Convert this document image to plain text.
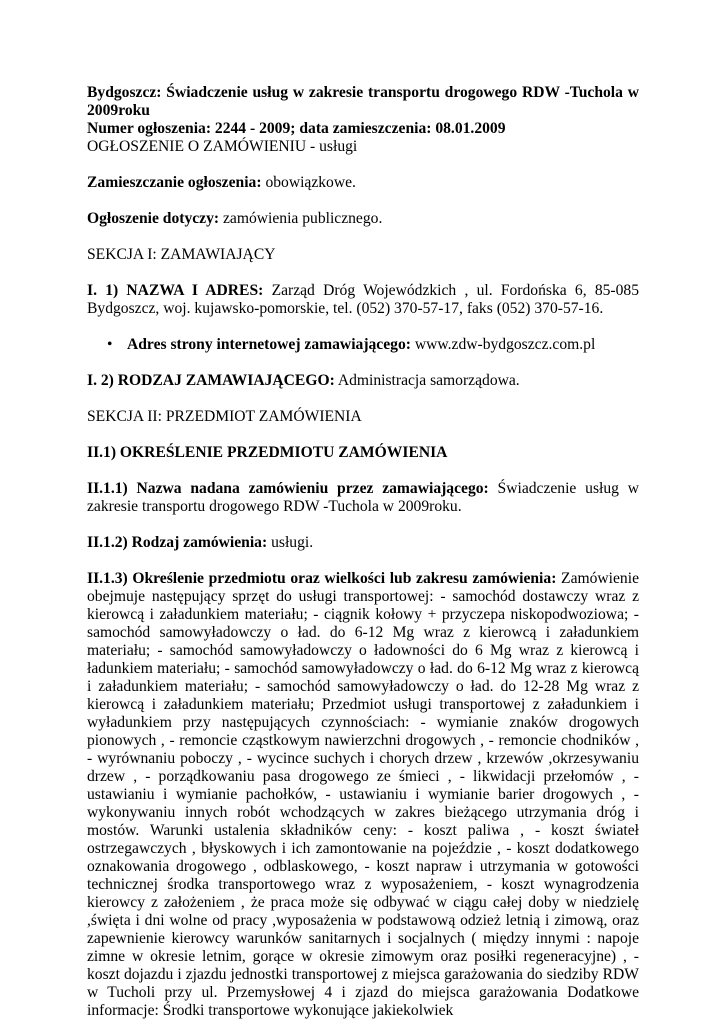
Bydgoszcz: Świadczenie usług w zakresie transportu drogowego RDW -Tuchola w 2009roku

Numer ogłoszenia: 2244 - 2009; data zamieszczenia: 08.01.2009

OGŁOSZENIE O ZAMÓWIENIU - usługi

Zamieszczanie ogłoszenia: obowiązkowe.

Ogłoszenie dotyczy: zamówienia publicznego.

SEKCJA I: ZAMAWIAJĄCY

I. 1) NAZWA I ADRES: Zarząd Dróg Wojewódzkich , ul. Fordońska 6, 85-085 Bydgoszcz, woj. kujawsko-pomorskie, tel. (052) 370-57-17, faks (052) 370-57-16.

• Adres strony internetowej zamawiającego: www.zdw-bydgoszcz.com.pl

I. 2) RODZAJ ZAMAWIAJĄCEGO: Administracja samorządowa.

SEKCJA II: PRZEDMIOT ZAMÓWIENIA

II.1) OKREŚLENIE PRZEDMIOTU ZAMÓWIENIA

II.1.1) Nazwa nadana zamówieniu przez zamawiającego: Świadczenie usług w zakresie transportu drogowego RDW -Tuchola w 2009roku.

II.1.2) Rodzaj zamówienia: usługi.

II.1.3) Określenie przedmiotu oraz wielkości lub zakresu zamówienia: Zamówienie obejmuje następujący sprzęt do usługi transportowej: - samochód dostawczy wraz z kierowcą i załadunkiem materiału; - ciągnik kołowy + przyczepa niskopodwoziowa; - samochód samowyładowczy o ład. do 6-12 Mg wraz z kierowcą i załadunkiem materiału; - samochód samowyładowczy o ładowności do 6 Mg wraz z kierowcą i ładunkiem materiału; - samochód samowyładowczy o ład. do 6-12 Mg wraz z kierowcą i załadunkiem materiału; - samochód samowyładowczy o ład. do 12-28 Mg wraz z kierowcą i załadunkiem materiału; Przedmiot usługi transportowej z załadunkiem i wyładunkiem przy następujących czynnościach: - wymianie znaków drogowych pionowych , - remoncie cząstkowym nawierzchni drogowych , - remoncie chodników , - wyrównaniu poboczy , - wycince suchych i chorych drzew , krzewów ,okrzesywaniu drzew , - porządkowaniu pasa drogowego ze śmieci , - likwidacji przełomów , - ustawianiu i wymianie pachołków, - ustawianiu i wymianie barier drogowych , - wykonywaniu innych robót wchodzących w zakres bieżącego utrzymania dróg i mostów. Warunki ustalenia składników ceny: - koszt paliwa , - koszt świateł ostrzegawczych , błyskowych i ich zamontowanie na pojeździe , - koszt dodatkowego oznakowania drogowego , odblaskowego, - koszt napraw i utrzymania w gotowości technicznej środka transportowego wraz z wyposażeniem, - koszt wynagrodzenia kierowcy z założeniem , że praca może się odbywać w ciągu całej doby w niedzielę ,święta i dni wolne od pracy ,wyposażenia w podstawową odzież letnią i zimową, oraz zapewnienie kierowcy warunków sanitarnych i socjalnych ( między innymi : napoje zimne w okresie letnim, gorące w okresie zimowym oraz posiłki regeneracyjne) , - koszt dojazdu i zjazdu jednostki transportowej z miejsca garażowania do siedziby RDW w Tucholi przy ul. Przemysłowej 4 i zjazd do miejsca garażowania Dodatkowe informacje: Środki transportowe wykonujące jakiekolwiek
